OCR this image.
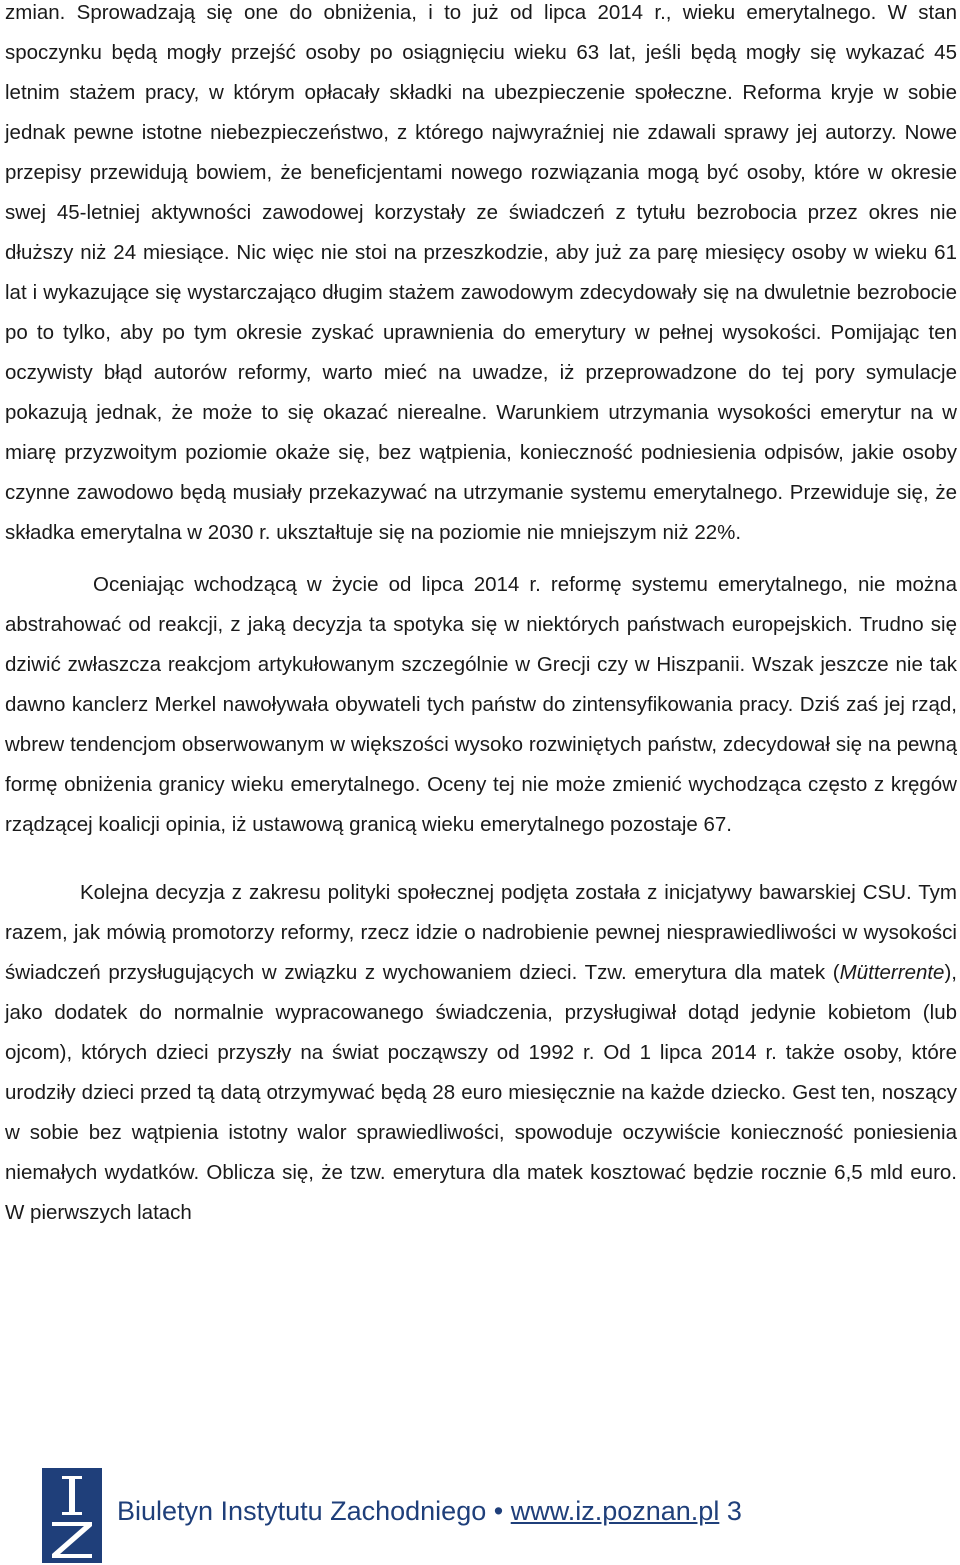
zmian. Sprowadzają się one do obniżenia, i to już od lipca 2014 r., wieku emerytalnego. W stan spoczynku będą mogły przejść osoby po osiągnięciu wieku 63 lat, jeśli będą mogły się wykazać 45 letnim stażem pracy, w którym opłacały składki na ubezpieczenie społeczne. Reforma kryje w sobie jednak pewne istotne niebezpieczeństwo, z którego najwyraźniej nie zdawali sprawy jej autorzy. Nowe przepisy przewidują bowiem, że beneficjentami nowego rozwiązania mogą być osoby, które w okresie swej 45-letniej aktywności zawodowej korzystały ze świadczeń z tytułu bezrobocia przez okres nie dłuższy niż 24 miesiące. Nic więc nie stoi na przeszkodzie, aby już za parę miesięcy osoby w wieku 61 lat i wykazujące się wystarczająco długim stażem zawodowym zdecydowały się na dwuletnie bezrobocie po to tylko, aby po tym okresie zyskać uprawnienia do emerytury w pełnej wysokości. Pomijając ten oczywisty błąd autorów reformy, warto mieć na uwadze, iż przeprowadzone do tej pory symulacje pokazują jednak, że może to się okazać nierealne. Warunkiem utrzymania wysokości emerytur na w miarę przyzwoitym poziomie okaże się, bez wątpienia, konieczność podniesienia odpisów, jakie osoby czynne zawodowo będą musiały przekazywać na utrzymanie systemu emerytalnego. Przewiduje się, że składka emerytalna w 2030 r. ukształtuje się na poziomie nie mniejszym niż 22%.

Oceniając wchodzącą w życie od lipca 2014 r. reformę systemu emerytalnego, nie można abstrahować od reakcji, z jaką decyzja ta spotyka się w niektórych państwach europejskich. Trudno się dziwić zwłaszcza reakcjom artykułowanym szczególnie w Grecji czy w Hiszpanii. Wszak jeszcze nie tak dawno kanclerz Merkel nawoływała obywateli tych państw do zintensyfikowania pracy. Dziś zaś jej rząd, wbrew tendencjom obserwowanym w większości wysoko rozwiniętych państw, zdecydował się na pewną formę obniżenia granicy wieku emerytalnego. Oceny tej nie może zmienić wychodząca często z kręgów rządzącej koalicji opinia, iż ustawową granicą wieku emerytalnego pozostaje 67.

Kolejna decyzja z zakresu polityki społecznej podjęta została z inicjatywy bawarskiej CSU. Tym razem, jak mówią promotorzy reformy, rzecz idzie o nadrobienie pewnej niesprawiedliwości w wysokości świadczeń przysługujących w związku z wychowaniem dzieci. Tzw. emerytura dla matek (Mütterrente), jako dodatek do normalnie wypracowanego świadczenia, przysługiwał dotąd jedynie kobietom (lub ojcom), których dzieci przyszły na świat począwszy od 1992 r. Od 1 lipca 2014 r. także osoby, które urodziły dzieci przed tą datą otrzymywać będą 28 euro miesięcznie na każde dziecko. Gest ten, noszący w sobie bez wątpienia istotny walor sprawiedliwości, spowoduje oczywiście konieczność poniesienia niemałych wydatków. Oblicza się, że tzw. emerytura dla matek kosztować będzie rocznie 6,5 mld euro. W pierwszych latach

Biuletyn Instytutu Zachodniego • www.iz.poznan.pl 3
